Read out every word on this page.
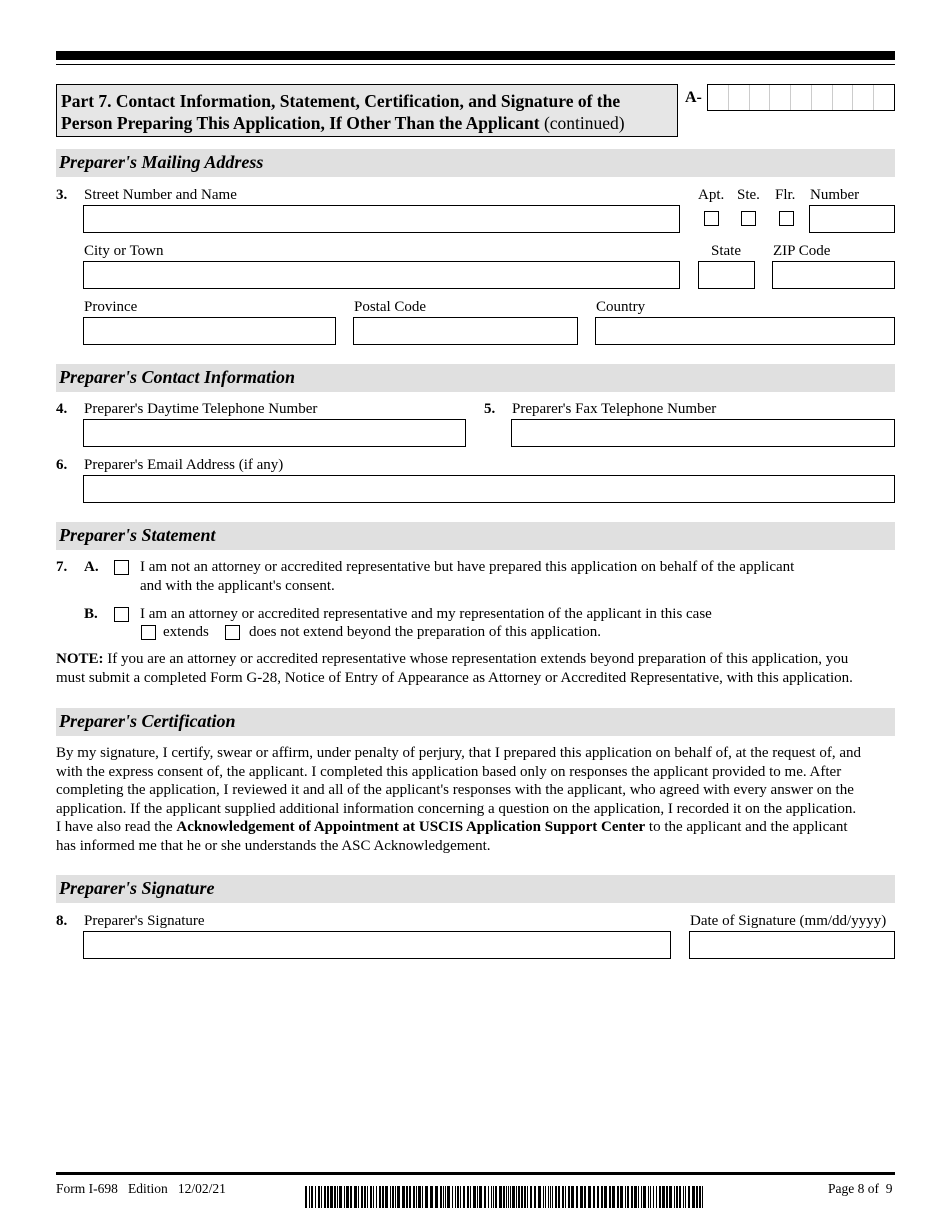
Part 7. Contact Information, Statement, Certification, and Signature of the Person Preparing This Application, If Other Than the Applicant (continued)
A-
Preparer's Mailing Address
3. Street Number and Name	Apt. Ste. Flr. Number
City or Town	State ZIP Code
Province	Postal Code	Country
Preparer's Contact Information
4. Preparer's Daytime Telephone Number	5. Preparer's Fax Telephone Number
6. Preparer's Email Address (if any)
Preparer's Statement
7. A.	I am not an attorney or accredited representative but have prepared this application on behalf of the applicant
and with the applicant's consent.
B.	I am an attorney or accredited representative and my representation of the applicant in this case
extends	does not extend beyond the preparation of this application.
NOTE: If you are an attorney or accredited representative whose representation extends beyond preparation of this application, you
must submit a completed Form G-28, Notice of Entry of Appearance as Attorney or Accredited Representative, with this application.
Preparer's Certification
By my signature, I certify, swear or affirm, under penalty of perjury, that I prepared this application on behalf of, at the request of, and
with the express consent of, the applicant. I completed this application based only on responses the applicant provided to me. After
completing the application, I reviewed it and all of the applicant's responses with the applicant, who agreed with every answer on the
application. If the applicant supplied additional information concerning a question on the application, I recorded it on the application.
I have also read the Acknowledgement of Appointment at USCIS Application Support Center to the applicant and the applicant
has informed me that he or she understands the ASC Acknowledgement.
Preparer's Signature
8. Preparer's Signature	Date of Signature (mm/dd/yyyy)
Form I-698   Edition   12/02/21	Page 8 of  9
